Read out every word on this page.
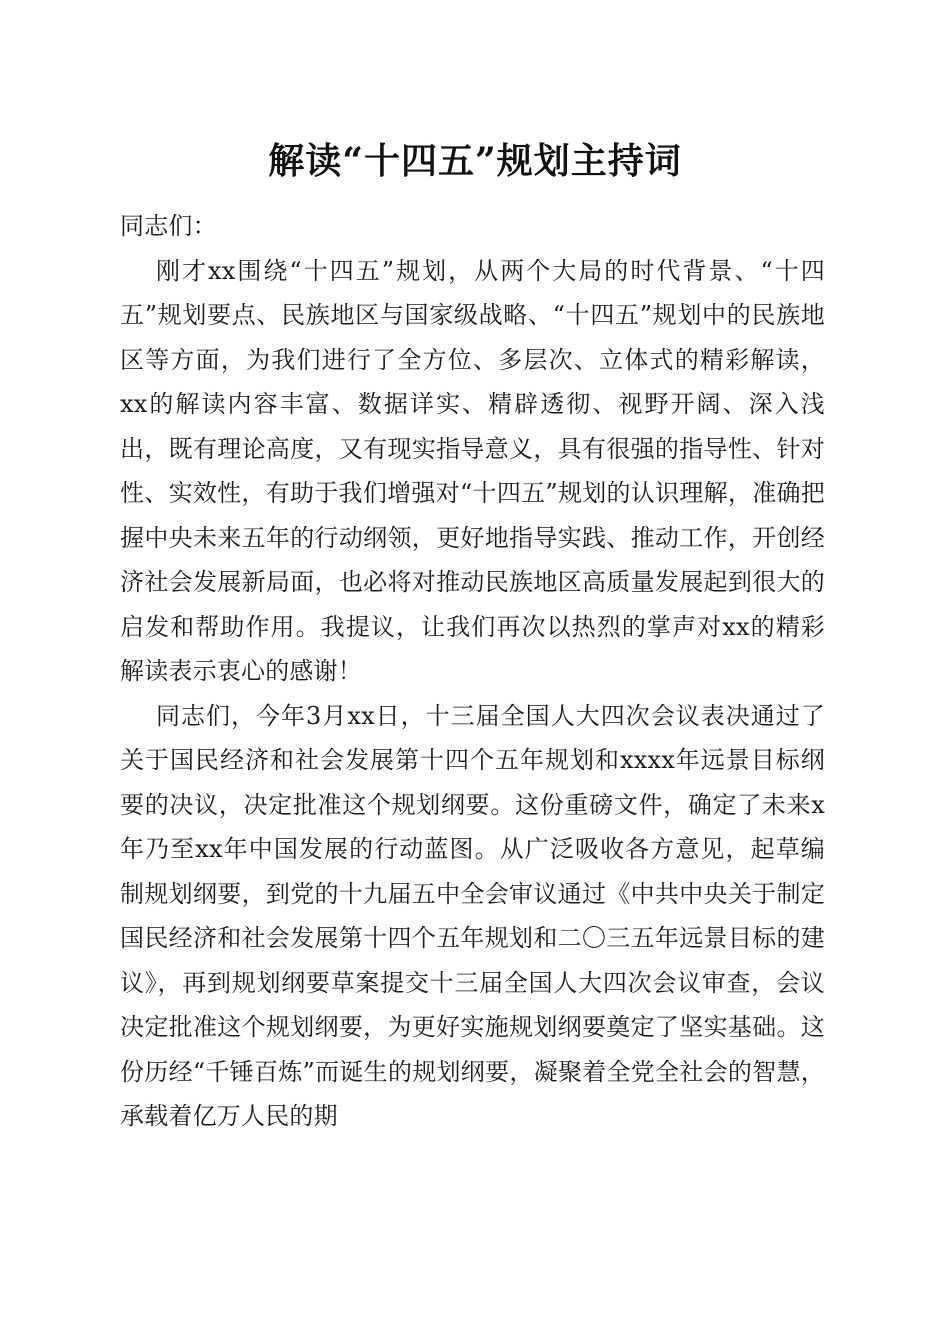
解读“十四五”规划主持词

同志们：

刚才xx围绕“十四五”规划，从两个大局的时代背景、“十四五”规划要点、民族地区与国家级战略、“十四五”规划中的民族地区等方面，为我们进行了全方位、多层次、立体式的精彩解读，xx的解读内容丰富、数据详实、精辟透彻、视野开阔、深入浅出，既有理论高度，又有现实指导意义，具有很强的指导性、针对性、实效性，有助于我们增强对“十四五”规划的认识理解，准确把握中央未来五年的行动纲领，更好地指导实践、推动工作，开创经济社会发展新局面，也必将对推动民族地区高质量发展起到很大的启发和帮助作用。我提议，让我们再次以热烈的掌声对xx的精彩解读表示衷心的感谢！

同志们，今年3月xx日，十三届全国人大四次会议表决通过了关于国民经济和社会发展第十四个五年规划和xxxx年远景目标纲要的决议，决定批准这个规划纲要。这份重磅文件，确定了未来x年乃至xx年中国发展的行动蓝图。从广泛吸收各方意见，起草编制规划纲要，到党的十九届五中全会审议通过《中共中央关于制定国民经济和社会发展第十四个五年规划和二〇三五年远景目标的建议》，再到规划纲要草案提交十三届全国人大四次会议审查，会议决定批准这个规划纲要，为更好实施规划纲要奠定了坚实基础。这份历经“千锤百炼”而诞生的规划纲要，凝聚着全党全社会的智慧，承载着亿万人民的期
